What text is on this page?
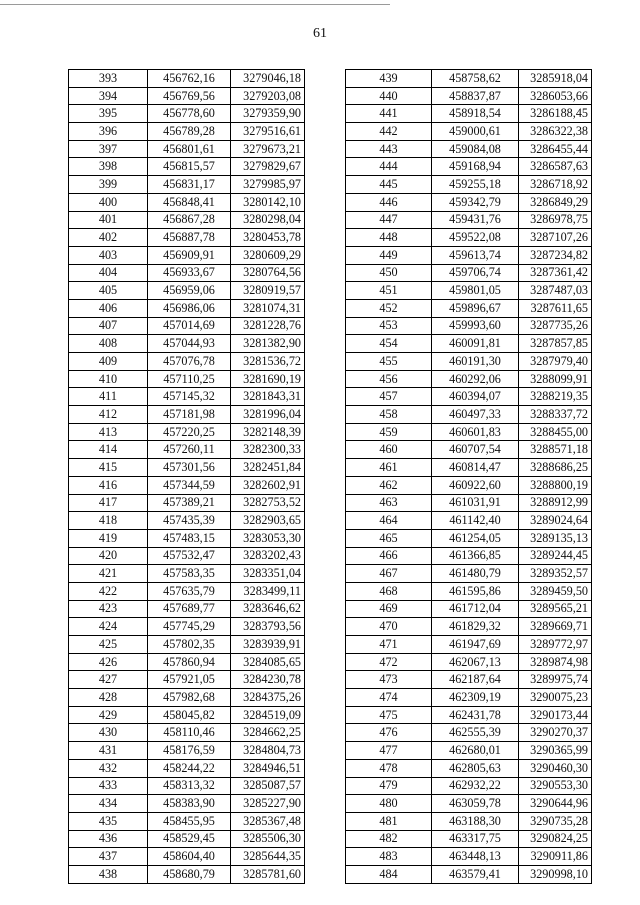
61
393	456762,16	3279046,18
394	456769,56	3279203,08
395	456778,60	3279359,90
396	456789,28	3279516,61
397	456801,61	3279673,21
398	456815,57	3279829,67
399	456831,17	3279985,97
400	456848,41	3280142,10
401	456867,28	3280298,04
402	456887,78	3280453,78
403	456909,91	3280609,29
404	456933,67	3280764,56
405	456959,06	3280919,57
406	456986,06	3281074,31
407	457014,69	3281228,76
408	457044,93	3281382,90
409	457076,78	3281536,72
410	457110,25	3281690,19
411	457145,32	3281843,31
412	457181,98	3281996,04
413	457220,25	3282148,39
414	457260,11	3282300,33
415	457301,56	3282451,84
416	457344,59	3282602,91
417	457389,21	3282753,52
418	457435,39	3282903,65
419	457483,15	3283053,30
420	457532,47	3283202,43
421	457583,35	3283351,04
422	457635,79	3283499,11
423	457689,77	3283646,62
424	457745,29	3283793,56
425	457802,35	3283939,91
426	457860,94	3284085,65
427	457921,05	3284230,78
428	457982,68	3284375,26
429	458045,82	3284519,09
430	458110,46	3284662,25
431	458176,59	3284804,73
432	458244,22	3284946,51
433	458313,32	3285087,57
434	458383,90	3285227,90
435	458455,95	3285367,48
436	458529,45	3285506,30
437	458604,40	3285644,35
438	458680,79	3285781,60
439	458758,62	3285918,04
440	458837,87	3286053,66
441	458918,54	3286188,45
442	459000,61	3286322,38
443	459084,08	3286455,44
444	459168,94	3286587,63
445	459255,18	3286718,92
446	459342,79	3286849,29
447	459431,76	3286978,75
448	459522,08	3287107,26
449	459613,74	3287234,82
450	459706,74	3287361,42
451	459801,05	3287487,03
452	459896,67	3287611,65
453	459993,60	3287735,26
454	460091,81	3287857,85
455	460191,30	3287979,40
456	460292,06	3288099,91
457	460394,07	3288219,35
458	460497,33	3288337,72
459	460601,83	3288455,00
460	460707,54	3288571,18
461	460814,47	3288686,25
462	460922,60	3288800,19
463	461031,91	3288912,99
464	461142,40	3289024,64
465	461254,05	3289135,13
466	461366,85	3289244,45
467	461480,79	3289352,57
468	461595,86	3289459,50
469	461712,04	3289565,21
470	461829,32	3289669,71
471	461947,69	3289772,97
472	462067,13	3289874,98
473	462187,64	3289975,74
474	462309,19	3290075,23
475	462431,78	3290173,44
476	462555,39	3290270,37
477	462680,01	3290365,99
478	462805,63	3290460,30
479	462932,22	3290553,30
480	463059,78	3290644,96
481	463188,30	3290735,28
482	463317,75	3290824,25
483	463448,13	3290911,86
484	463579,41	3290998,10
